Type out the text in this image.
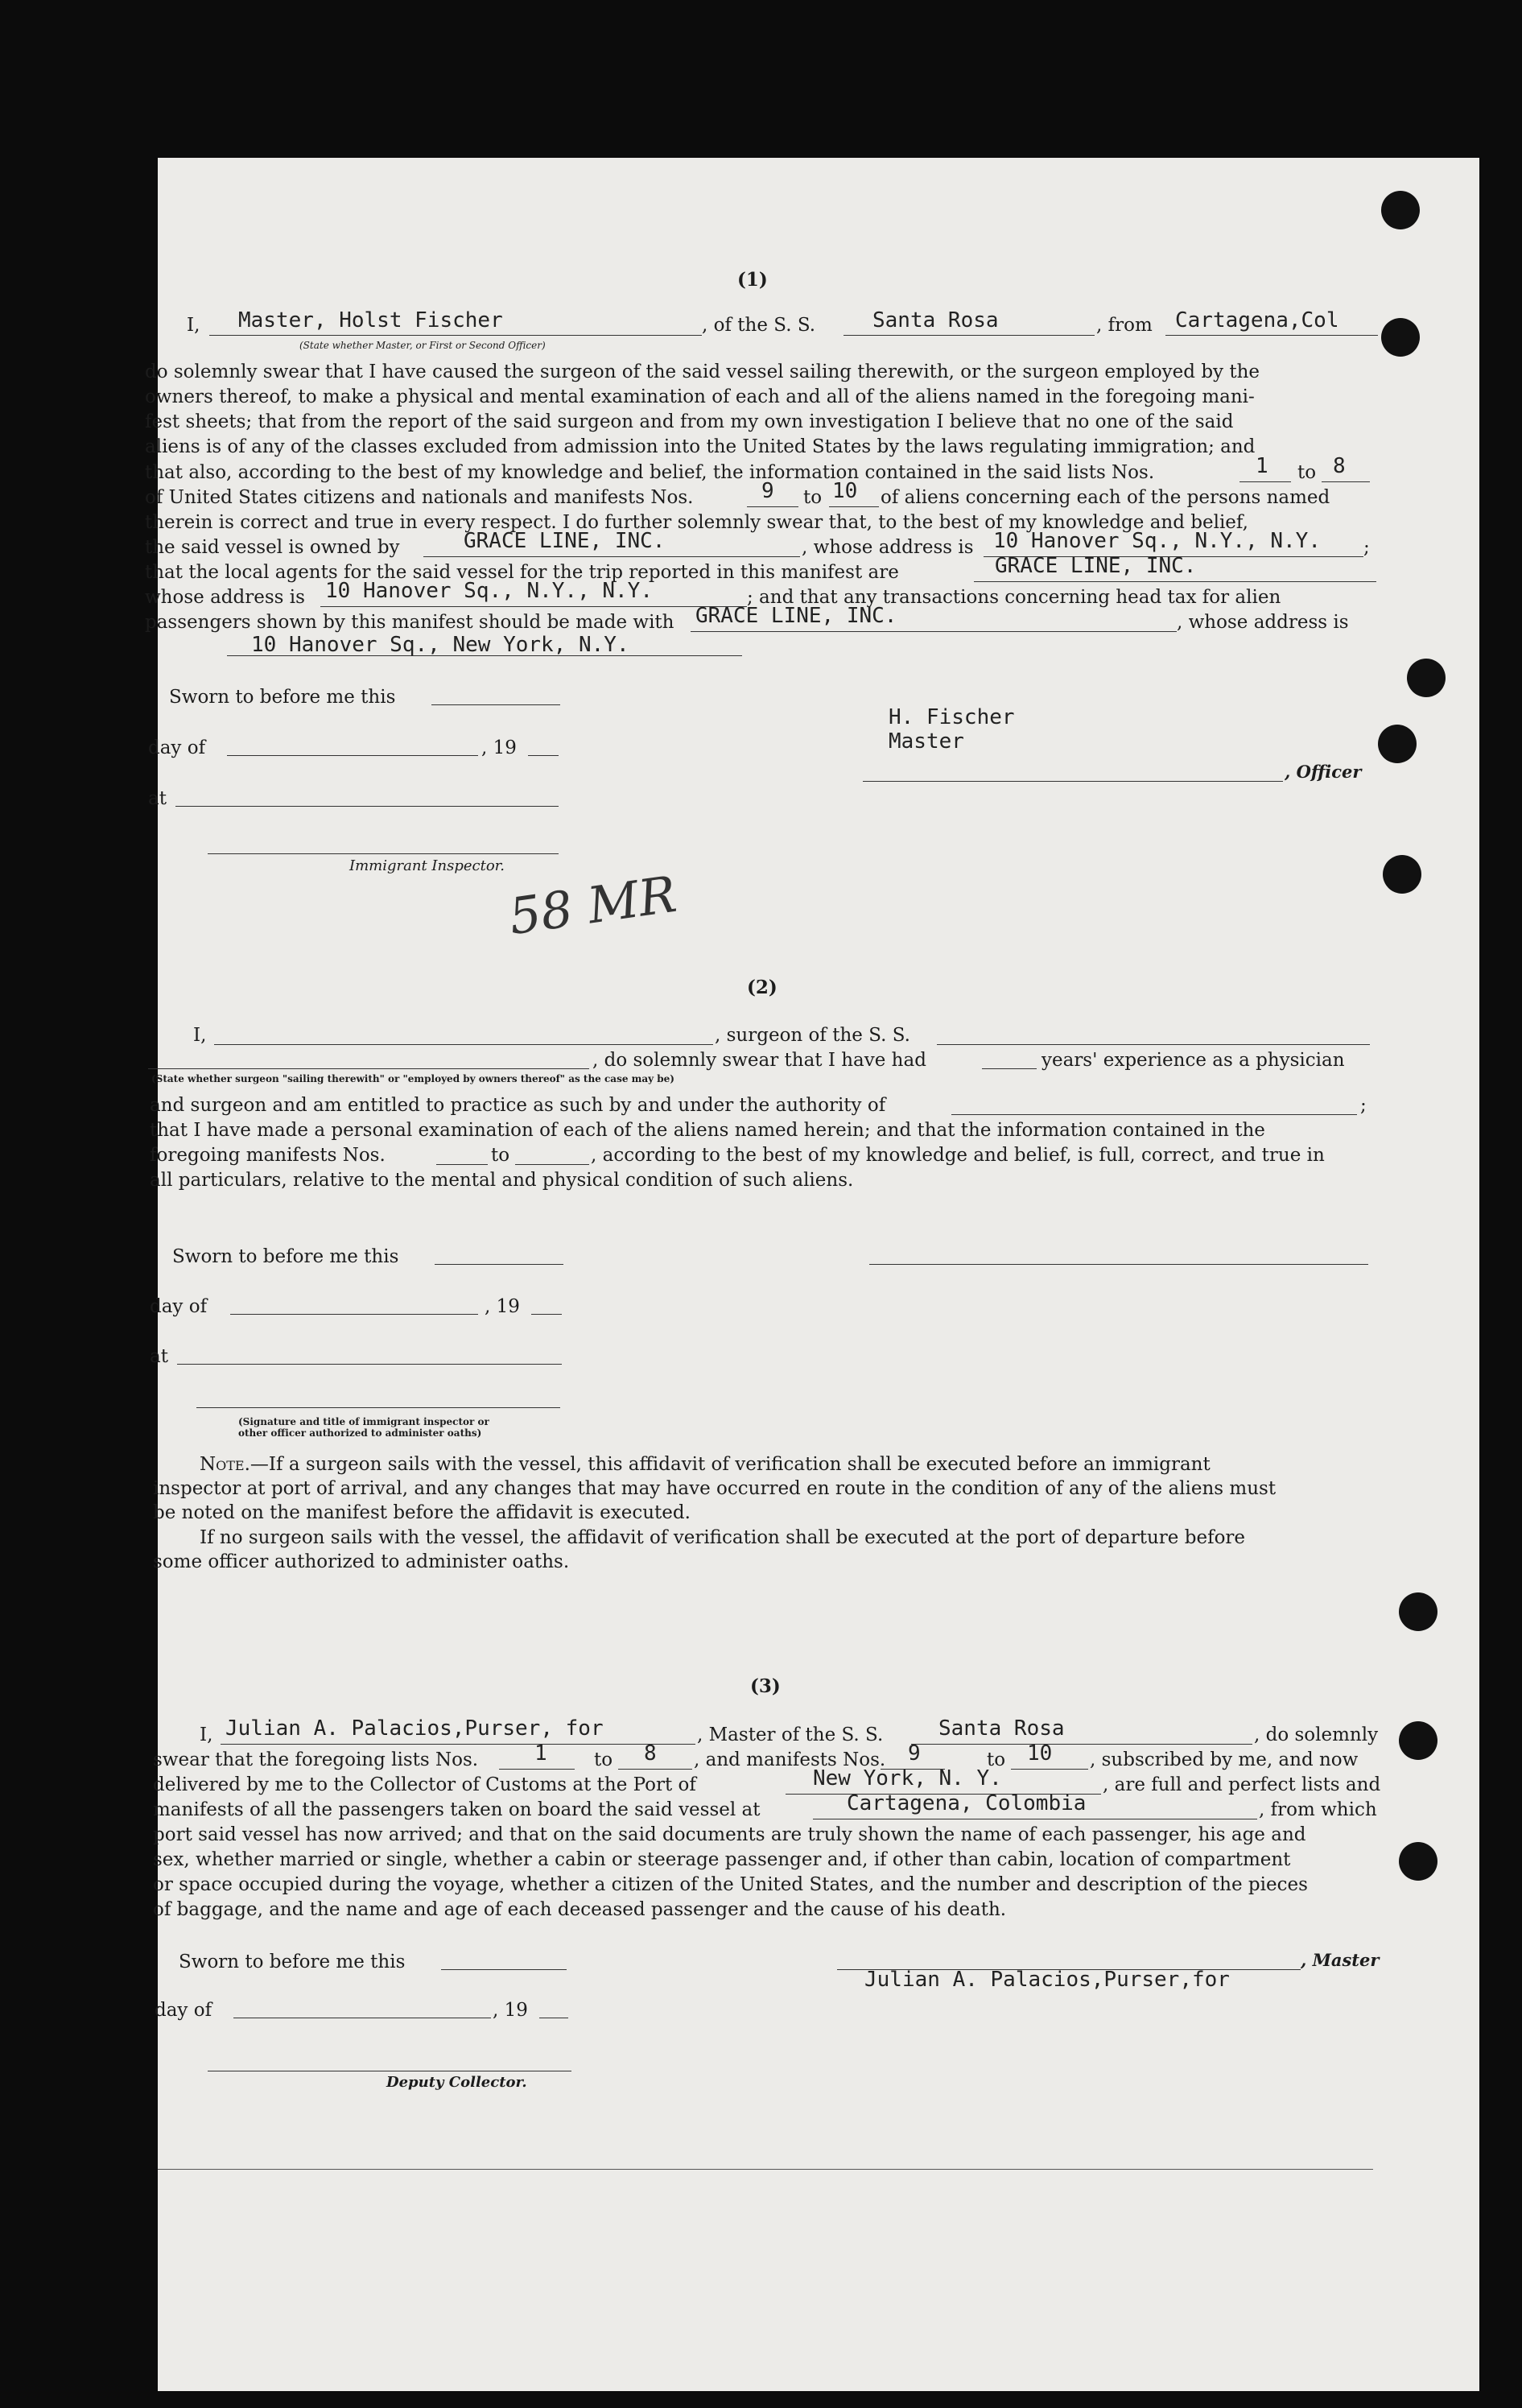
(1)
I, Master, Holst Fischer
(State whether Master, or First or Second Officer)
, of the S. S.	Santa Rosa	, from Cartagena,Col
do solemnly swear that I have caused the surgeon of the said vessel sailing therewith, or the surgeon employed by the
owners thereof, to make a physical and mental examination of each and all of the aliens named in the foregoing mani-
fest sheets; that from the report of the said surgeon and from my own investigation I believe that no one of the said
aliens is of any of the classes excluded from admission into the United States by the laws regulating immigration; and
that also, according to the best of my knowledge and belief, the information contained in the said lists Nos.	1 to 8
of United States citizens and nationals and manifests Nos.	9 to 10 of aliens concerning each of the persons named
therein is correct and true in every respect. I do further solemnly swear that, to the best of my knowledge and belief,
the said vessel is owned by	GRACE LINE, INC.	, whose address is 10 Hanover Sq., N.Y., N.Y. ;
that the local agents for the said vessel for the trip reported in this manifest are	GRACE LINE, INC.
whose address is 10 Hanover Sq., N.Y., N.Y.	; and that any transactions concerning head tax for alien
passengers shown by this manifest should be made with GRACE LINE, INC.	, whose address is
10 Hanover Sq., New York, N.Y.
Sworn to before me this
day of	, 19
at
Immigrant Inspector.
H. Fischer
Master
, Officer
58 MR
(2)
I,	, surgeon of the S. S.
, do solemnly swear that I have had	years' experience as a physician
(State whether surgeon "sailing therewith" or "employed by owners thereof" as the case may be)
and surgeon and am entitled to practice as such by and under the authority of	;
that I have made a personal examination of each of the aliens named herein; and that the information contained in the
foregoing manifests Nos.	to	, according to the best of my knowledge and belief, is full, correct, and true in
all particulars, relative to the mental and physical condition of such aliens.
Sworn to before me this
day of	, 19
at
(Signature and title of immigrant inspector or
other officer authorized to administer oaths)
Note.—If a surgeon sails with the vessel, this affidavit of verification shall be executed before an immigrant
inspector at port of arrival, and any changes that may have occurred en route in the condition of any of the aliens must
be noted on the manifest before the affidavit is executed.
If no surgeon sails with the vessel, the affidavit of verification shall be executed at the port of departure before
some officer authorized to administer oaths.
(3)
I, Julian A. Palacios,Purser, for	, Master of the S. S.	Santa Rosa	, do solemnly
swear that the foregoing lists Nos.	1	to 8 , and manifests Nos. 9	to 10 , subscribed by me, and now
delivered by me to the Collector of Customs at the Port of	New York, N. Y.	, are full and perfect lists and
manifests of all the passengers taken on board the said vessel at	Cartagena, Colombia	, from which
port said vessel has now arrived; and that on the said documents are truly shown the name of each passenger, his age and
sex, whether married or single, whether a cabin or steerage passenger and, if other than cabin, location of compartment
or space occupied during the voyage, whether a citizen of the United States, and the number and description of the pieces
of baggage, and the name and age of each deceased passenger and the cause of his death.
Sworn to before me this
day of	, 19
Deputy Collector.
, Master
Julian A. Palacios,Purser,for
